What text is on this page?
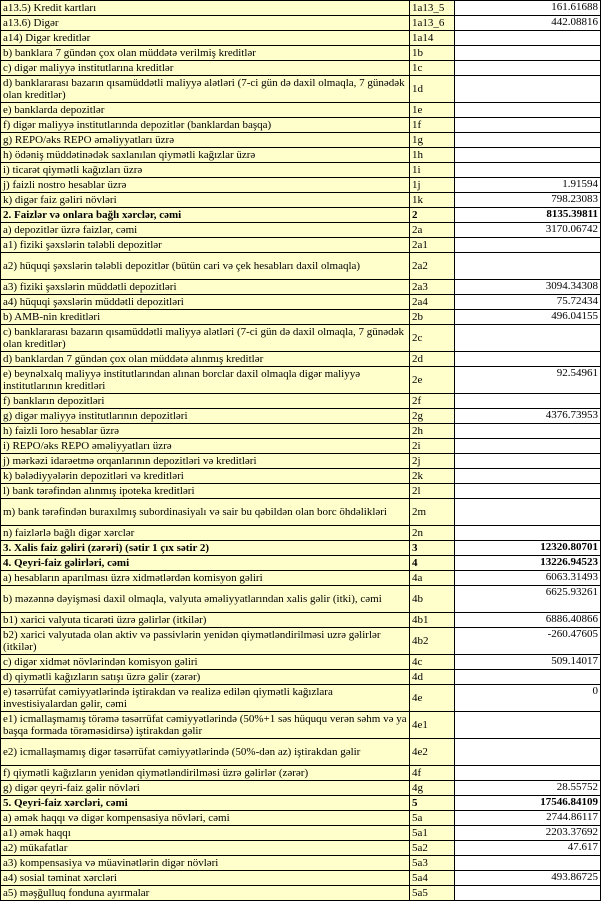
a13.5) Kredit kartları	1a13_5	161.61688
a13.6) Digər	1a13_6	442.08816
a14) Digər kreditlər	1a14	
b) banklara 7 gündən çox olan müddətə verilmiş kreditlər	1b	
c) digər maliyyə institutlarına kreditlər	1c	
d) banklararası bazarın qısamüddətli maliyyə alətləri (7-ci gün də daxil olmaqla, 7 günədək olan kreditlər)	1d	
e) banklarda depozitlər	1e	
f) digər maliyyə institutlarında depozitlər (banklardan başqa)	1f	
g) REPO/əks REPO əməliyyatları üzrə	1g	
h) ödəniş müddətinədək saxlanılan qiymətli kağızlar üzrə	1h	
i) ticarət qiymətli kağızları üzrə	1i	
j) faizli nostro hesablar üzrə	1j	1.91594
k) digər faiz gəliri növləri	1k	798.23083
2. Faizlər və onlara bağlı xərclər, cəmi	2	8135.39811
a) depozitlər üzrə faizlər, cəmi	2a	3170.06742
a1) fiziki şəxslərin tələbli depozitlər	2a1	
a2) hüquqi şəxslərin tələbli depozitlər (bütün cari və çek hesabları daxil olmaqla)	2a2	
a3) fiziki şəxslərin müddətli depozitləri	2a3	3094.34308
a4) hüquqi şəxslərin müddətli depozitləri	2a4	75.72434
b) AMB-nin kreditləri	2b	496.04155
c) banklararası bazarın qısamüddətli maliyyə alətləri (7-ci gün də daxil olmaqla, 7 günədək olan kreditlər)	2c	
d) banklardan 7 gündən çox olan müddətə alınmış kreditlər	2d	
e) beynəlxalq maliyyə institutlarından alınan borclar daxil olmaqla digər maliyyə institutlarının kreditləri	2e	92.54961
f) bankların depozitləri	2f	
g) digər maliyyə institutlarının depozitləri	2g	4376.73953
h) faizli loro hesablar üzrə	2h	
i) REPO/əks REPO əməliyyatları üzrə	2i	
j) mərkəzi idarəetmə orqanlarının depozitləri və kreditləri	2j	
k) bələdiyyələrin depozitləri və kreditləri	2k	
l) bank tərəfindən alınmış ipoteka kreditləri	2l	
m) bank tərəfindən buraxılmış subordinasiyalı və sair bu qəbildən olan borc öhdəlikləri	2m	
n) faizlərlə bağlı digər xərclər	2n	
3. Xalis faiz gəliri (zərəri) (sətir 1 çıx sətir 2)	3	12320.80701
4. Qeyri-faiz gəlirləri, cəmi	4	13226.94523
a) hesabların aparılması üzrə xidmətlərdən komisyon gəliri	4a	6063.31493
b) məzənnə dəyişməsi daxil olmaqla, valyuta əməliyyatlarından xalis gəlir (itki), cəmi	4b	6625.93261
b1) xarici valyuta ticarəti üzrə gəlirlər (itkilər)	4b1	6886.40866
b2) xarici valyutada olan aktiv və passivlərin yenidən qiymətləndirilməsi uzrə gəlirlər (itkilər)	4b2	-260.47605
c) digər xidmət növlərindən komisyon gəliri	4c	509.14017
d) qiymətli kağızların satışı üzrə gəlir (zərər)	4d	
e) təsərrüfat cəmiyyətlərində iştirakdan və realizə edilən qiymətli kağızlara investisiyalardan gəlir, cəmi	4e	0
e1) icmallaşmamış törəmə təsərrüfat cəmiyyətlərində (50%+1 səs hüququ verən səhm və ya başqa formada törəməsidirsə) iştirakdan gəlir	4e1	
e2) icmallaşmamış digər təsərrüfat cəmiyyətlərində (50%-dən az) iştirakdan gəlir	4e2	
f) qiymətli kağızların yenidən qiymətləndirilməsi üzrə gəlirlər (zərər)	4f	
g) digər qeyri-faiz gəlir növləri	4g	28.55752
5. Qeyri-faiz xərcləri, cəmi	5	17546.84109
a) əmək haqqı və digər kompensasiya növləri, cəmi	5a	2744.86117
a1) əmək haqqı	5a1	2203.37692
a2) mükafatlar	5a2	47.617
a3) kompensasiya və müavinətlərin digər növləri	5a3	
a4) sosial təminat xərcləri	5a4	493.86725
a5) məşğulluq fonduna ayırmalar	5a5	
